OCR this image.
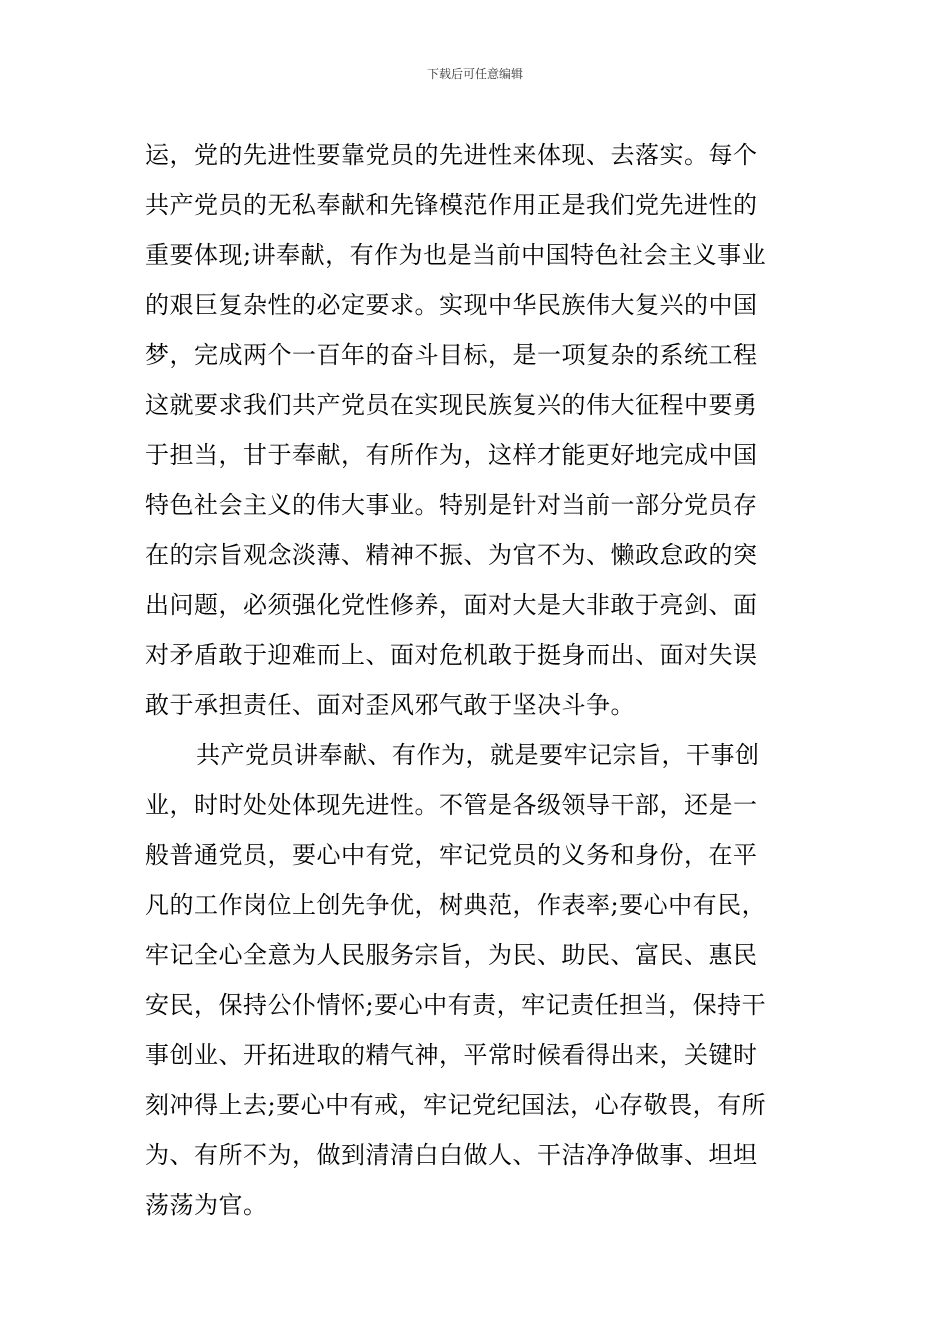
下载后可任意编辑
运，党的先进性要靠党员的先进性来体现、去落实。每个
共产党员的无私奉献和先锋模范作用正是我们党先进性的
重要体现;讲奉献，有作为也是当前中国特色社会主义事业
的艰巨复杂性的必定要求。实现中华民族伟大复兴的中国
梦，完成两个一百年的奋斗目标，是一项复杂的系统工程
这就要求我们共产党员在实现民族复兴的伟大征程中要勇
于担当，甘于奉献，有所作为，这样才能更好地完成中国
特色社会主义的伟大事业。特别是针对当前一部分党员存
在的宗旨观念淡薄、精神不振、为官不为、懒政怠政的突
出问题，必须强化党性修养，面对大是大非敢于亮剑、面
对矛盾敢于迎难而上、面对危机敢于挺身而出、面对失误
敢于承担责任、面对歪风邪气敢于坚决斗争。
共产党员讲奉献、有作为，就是要牢记宗旨，干事创
业，时时处处体现先进性。不管是各级领导干部，还是一
般普通党员，要心中有党，牢记党员的义务和身份，在平
凡的工作岗位上创先争优，树典范，作表率;要心中有民，
牢记全心全意为人民服务宗旨，为民、助民、富民、惠民
安民，保持公仆情怀;要心中有责，牢记责任担当，保持干
事创业、开拓进取的精气神，平常时候看得出来，关键时
刻冲得上去;要心中有戒，牢记党纪国法，心存敬畏，有所
为、有所不为，做到清清白白做人、干洁净净做事、坦坦
荡荡为官。
